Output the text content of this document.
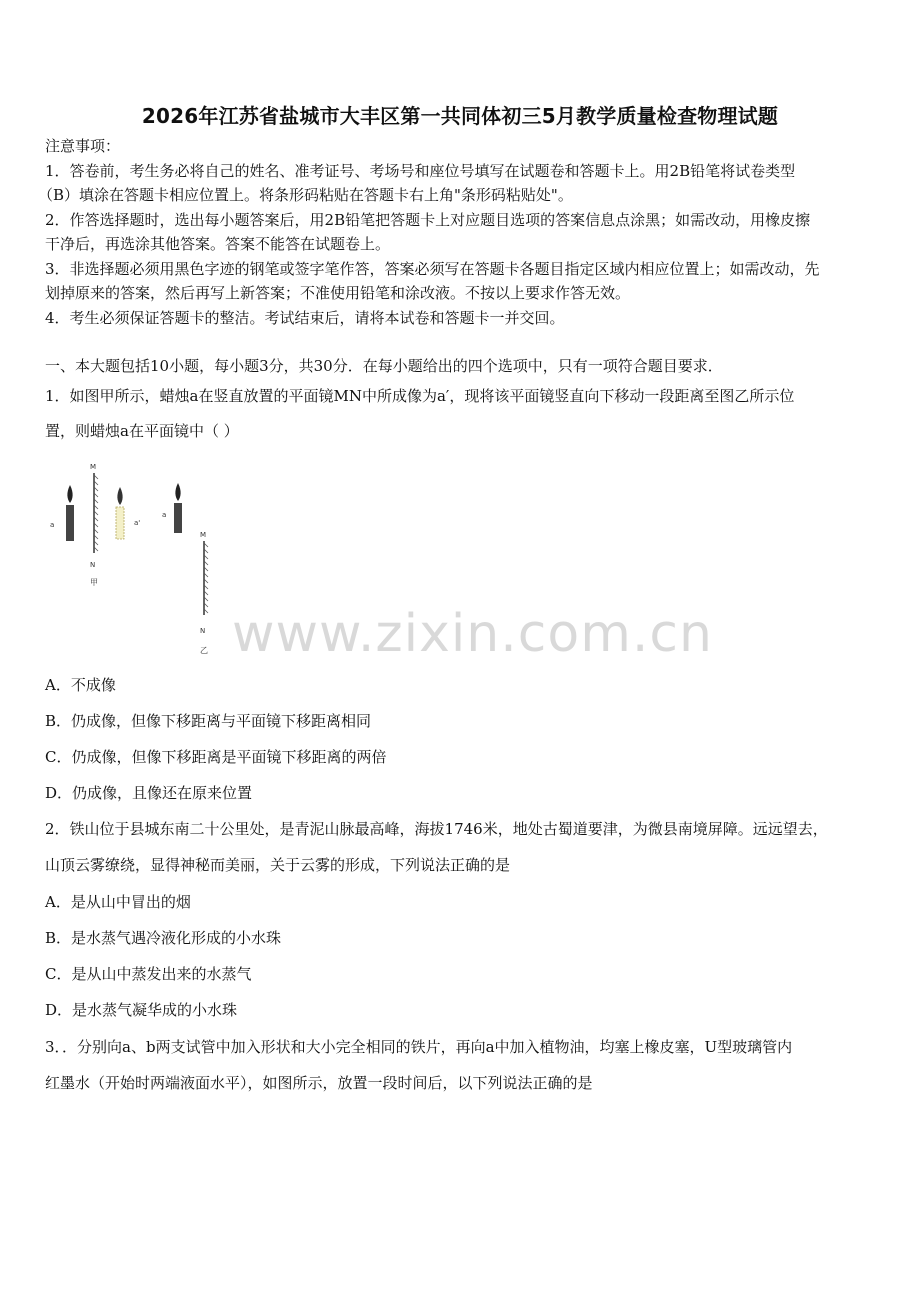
2026年江苏省盐城市大丰区第一共同体初三5月教学质量检查物理试题
注意事项：
1．答卷前，考生务必将自己的姓名、准考证号、考场号和座位号填写在试题卷和答题卡上。用2B铅笔将试卷类型
（B）填涂在答题卡相应位置上。将条形码粘贴在答题卡右上角"条形码粘贴处"。
2．作答选择题时，选出每小题答案后，用2B铅笔把答题卡上对应题目选项的答案信息点涂黑；如需改动，用橡皮擦
干净后，再选涂其他答案。答案不能答在试题卷上。
3．非选择题必须用黑色字迹的钢笔或签字笔作答，答案必须写在答题卡各题目指定区域内相应位置上；如需改动，先
划掉原来的答案，然后再写上新答案；不准使用铅笔和涂改液。不按以上要求作答无效。
4．考生必须保证答题卡的整洁。考试结束后，请将本试卷和答题卡一并交回。
一、本大题包括10小题，每小题3分，共30分．在每小题给出的四个选项中，只有一项符合题目要求．
1．如图甲所示，蜡烛a在竖直放置的平面镜MN中所成像为a′，现将该平面镜竖直向下移动一段距离至图乙所示位
置，则蜡烛a在平面镜中（ ）
a
M
N
甲
a'
a
M
N
乙 www.zixin.com.cn
A．不成像
B．仍成像，但像下移距离与平面镜下移距离相同
C．仍成像，但像下移距离是平面镜下移距离的两倍
D．仍成像，且像还在原来位置
2．铁山位于县城东南二十公里处，是青泥山脉最高峰，海拔1746米，地处古蜀道要津，为微县南境屏障。远远望去，
山顶云雾缭绕，显得神秘而美丽，关于云雾的形成，下列说法正确的是
A．是从山中冒出的烟
B．是水蒸气遇冷液化形成的小水珠
C．是从山中蒸发出来的水蒸气
D．是水蒸气凝华成的小水珠
3．．分别向a、b两支试管中加入形状和大小完全相同的铁片，再向a中加入植物油，均塞上橡皮塞，U型玻璃管内
红墨水（开始时两端液面水平），如图所示，放置一段时间后，以下列说法正确的是
